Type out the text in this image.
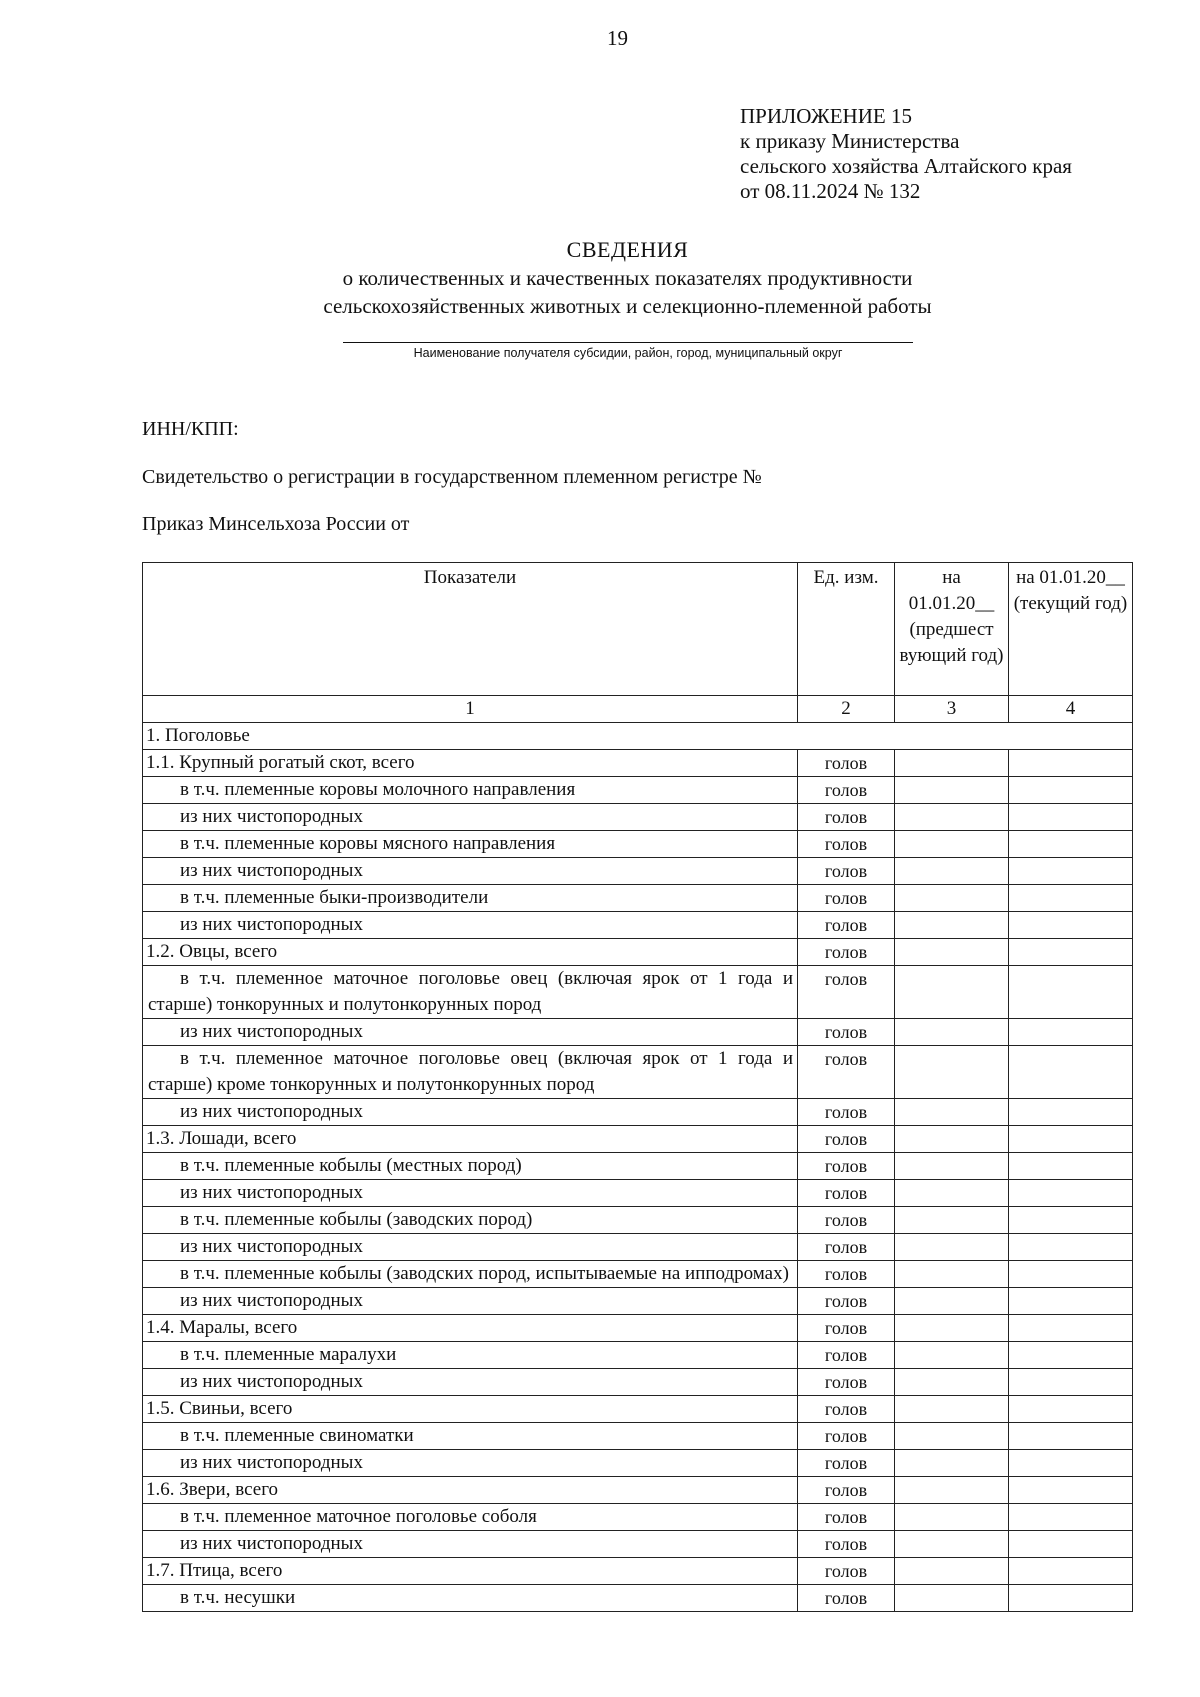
19
ПРИЛОЖЕНИЕ 15
к приказу Министерства
сельского хозяйства Алтайского края
от 08.11.2024 № 132
СВЕДЕНИЯ
о количественных и качественных показателях продуктивности
сельскохозяйственных животных и селекционно-племенной работы
Наименование получателя субсидии, район, город, муниципальный округ
ИНН/КПП:
Свидетельство о регистрации в государственном племенном регистре №
Приказ Минсельхоза России от
Показатели	Ед. изм.	на 01.01.20__ (предшест вующий год)	на 01.01.20__ (текущий год)
1	2	3	4
1. Поголовье			
1.1. Крупный рогатый скот, всего	голов		
в т.ч. племенные коровы молочного направления	голов		
из них чистопородных	голов		
в т.ч. племенные коровы мясного направления	голов		
из них чистопородных	голов		
в т.ч. племенные быки-производители	голов		
из них чистопородных	голов		
1.2. Овцы, всего	голов		
в т.ч. племенное маточное поголовье овец (включая ярок от 1 года и старше) тонкорунных и полутонкорунных пород	голов		
из них чистопородных	голов		
в т.ч. племенное маточное поголовье овец (включая ярок от 1 года и старше) кроме тонкорунных и полутонкорунных пород	голов		
из них чистопородных	голов		
1.3. Лошади, всего	голов		
в т.ч. племенные кобылы (местных пород)	голов		
из них чистопородных	голов		
в т.ч. племенные кобылы (заводских пород)	голов		
из них чистопородных	голов		
в т.ч. племенные кобылы (заводских пород, испытываемые на ипподромах)	голов		
из них чистопородных	голов		
1.4. Маралы, всего	голов		
в т.ч. племенные маралухи	голов		
из них чистопородных	голов		
1.5. Свиньи, всего	голов		
в т.ч. племенные свиноматки	голов		
из них чистопородных	голов		
1.6. Звери, всего	голов		
в т.ч. племенное маточное поголовье соболя	голов		
из них чистопородных	голов		
1.7. Птица, всего	голов		
в т.ч. несушки	голов		
